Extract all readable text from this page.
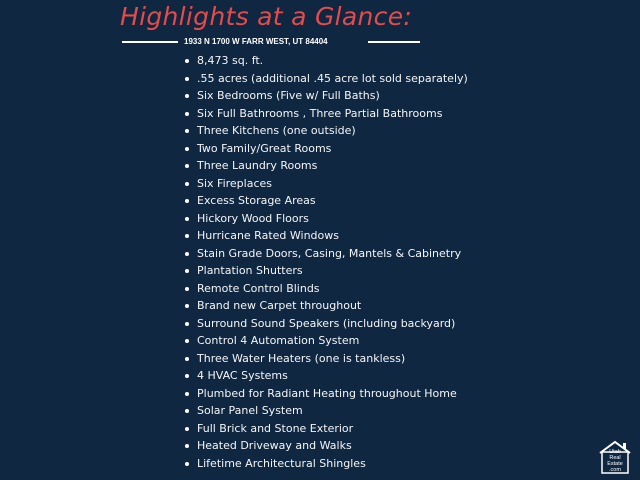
Highlights at a Glance:
1933 N 1700 W FARR WEST, UT 84404
8,473 sq. ft.
.55 acres (additional .45 acre lot sold separately)
Six Bedrooms (Five w/ Full Baths)
Six Full Bathrooms , Three Partial Bathrooms
Three Kitchens (one outside)
Two Family/Great Rooms
Three Laundry Rooms
Six Fireplaces
Excess Storage Areas
Hickory Wood Floors
Hurricane Rated Windows
Stain Grade Doors, Casing, Mantels & Cabinetry
Plantation Shutters
Remote Control Blinds
Brand new Carpet throughout
Surround Sound Speakers (including backyard)
Control 4 Automation System
Three Water Heaters (one is tankless)
4 HVAC Systems
Plumbed for Radiant Heating throughout Home
Solar Panel System
Full Brick and Stone Exterior
Heated Driveway and Walks
Lifetime Architectural Shingles
Utah
Real
Estate
.com
